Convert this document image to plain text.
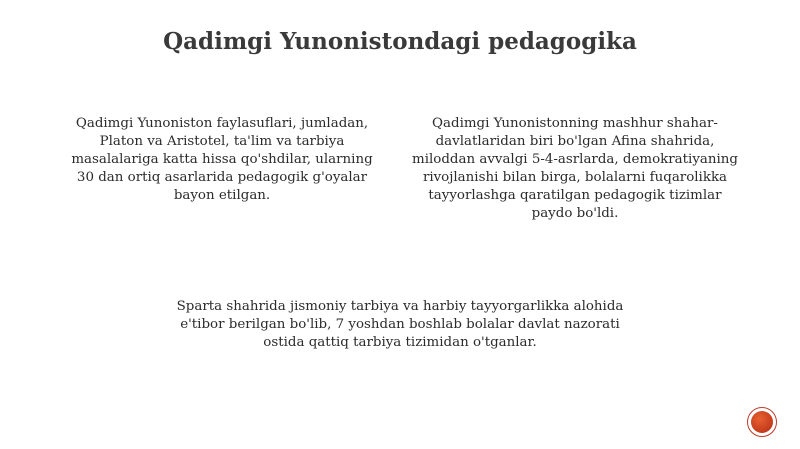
Qadimgi Yunonistondagi pedagogika
Qadimgi Yunoniston faylasuflari, jumladan,
Platon va Aristotel, ta'lim va tarbiya
masalalariga katta hissa qo'shdilar, ularning
30 dan ortiq asarlarida pedagogik g'oyalar
bayon etilgan.
Qadimgi Yunonistonning mashhur shahar-
davlatlaridan biri bo'lgan Afina shahrida,
miloddan avvalgi 5-4-asrlarda, demokratiyaning
rivojlanishi bilan birga, bolalarni fuqarolikka
tayyorlashga qaratilgan pedagogik tizimlar
paydo bo'ldi.
Sparta shahrida jismoniy tarbiya va harbiy tayyorgarlikka alohida
e'tibor berilgan bo'lib, 7 yoshdan boshlab bolalar davlat nazorati
ostida qattiq tarbiya tizimidan o'tganlar.
